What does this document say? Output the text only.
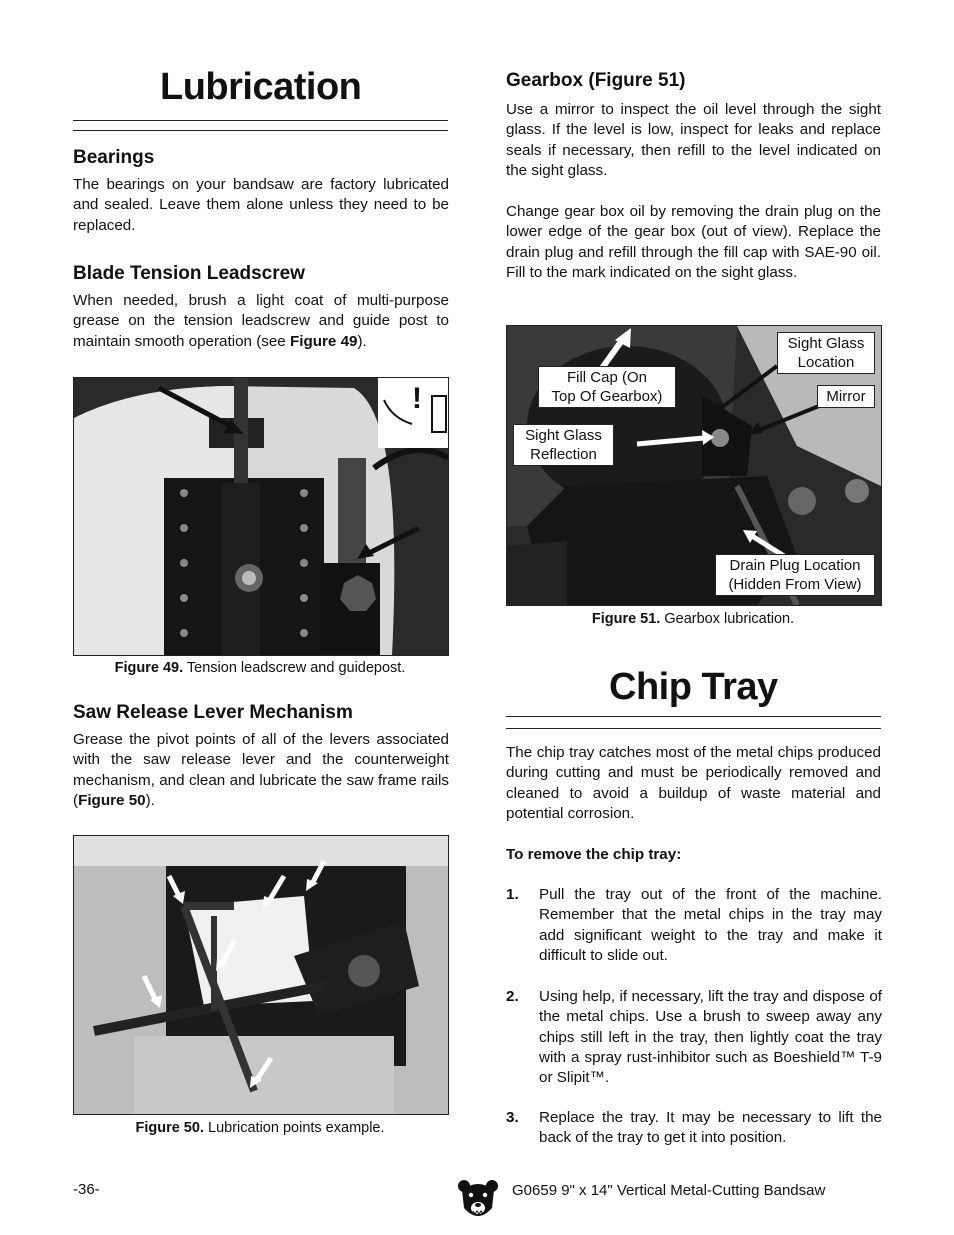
Lubrication
Bearings
The bearings on your bandsaw are factory lubricated and sealed. Leave them alone unless they need to be replaced.
Blade Tension Leadscrew
When needed, brush a light coat of multi-purpose grease on the tension leadscrew and guide post to maintain smooth operation (see Figure 49).
!
Figure 49. Tension leadscrew and guidepost.
Saw Release Lever Mechanism
Grease the pivot points of all of the levers associated with the saw release lever and the counterweight mechanism, and clean and lubricate the saw frame rails (Figure 50).
Figure 50. Lubrication points example.
Gearbox (Figure 51)
Use a mirror to inspect the oil level through the sight glass. If the level is low, inspect for leaks and replace seals if necessary, then refill to the level indicated on the sight glass.
Change gear box oil by removing the drain plug on the lower edge of the gear box (out of view). Replace the drain plug and refill through the fill cap with SAE-90 oil. Fill to the mark indicated on the sight glass.
Sight Glass
Location
Fill Cap (On
Top Of Gearbox)	Mirror
Sight Glass
Reflection
Drain Plug Location
(Hidden From View)
Figure 51. Gearbox lubrication.
Chip Tray
The chip tray catches most of the metal chips produced during cutting and must be periodically removed and cleaned to avoid a buildup of waste material and potential corrosion.
To remove the chip tray:
1. Pull the tray out of the front of the machine. Remember that the metal chips in the tray may add significant weight to the tray and make it difficult to slide out.
2. Using help, if necessary, lift the tray and dispose of the metal chips. Use a brush to sweep away any chips still left in the tray, then lightly coat the tray with a spray rust-inhibitor such as Boeshield™ T-9 or Slipit™.
3. Replace the tray. It may be necessary to lift the back of the tray to get it into position.
-36-	G0659 9" x 14" Vertical Metal-Cutting Bandsaw
